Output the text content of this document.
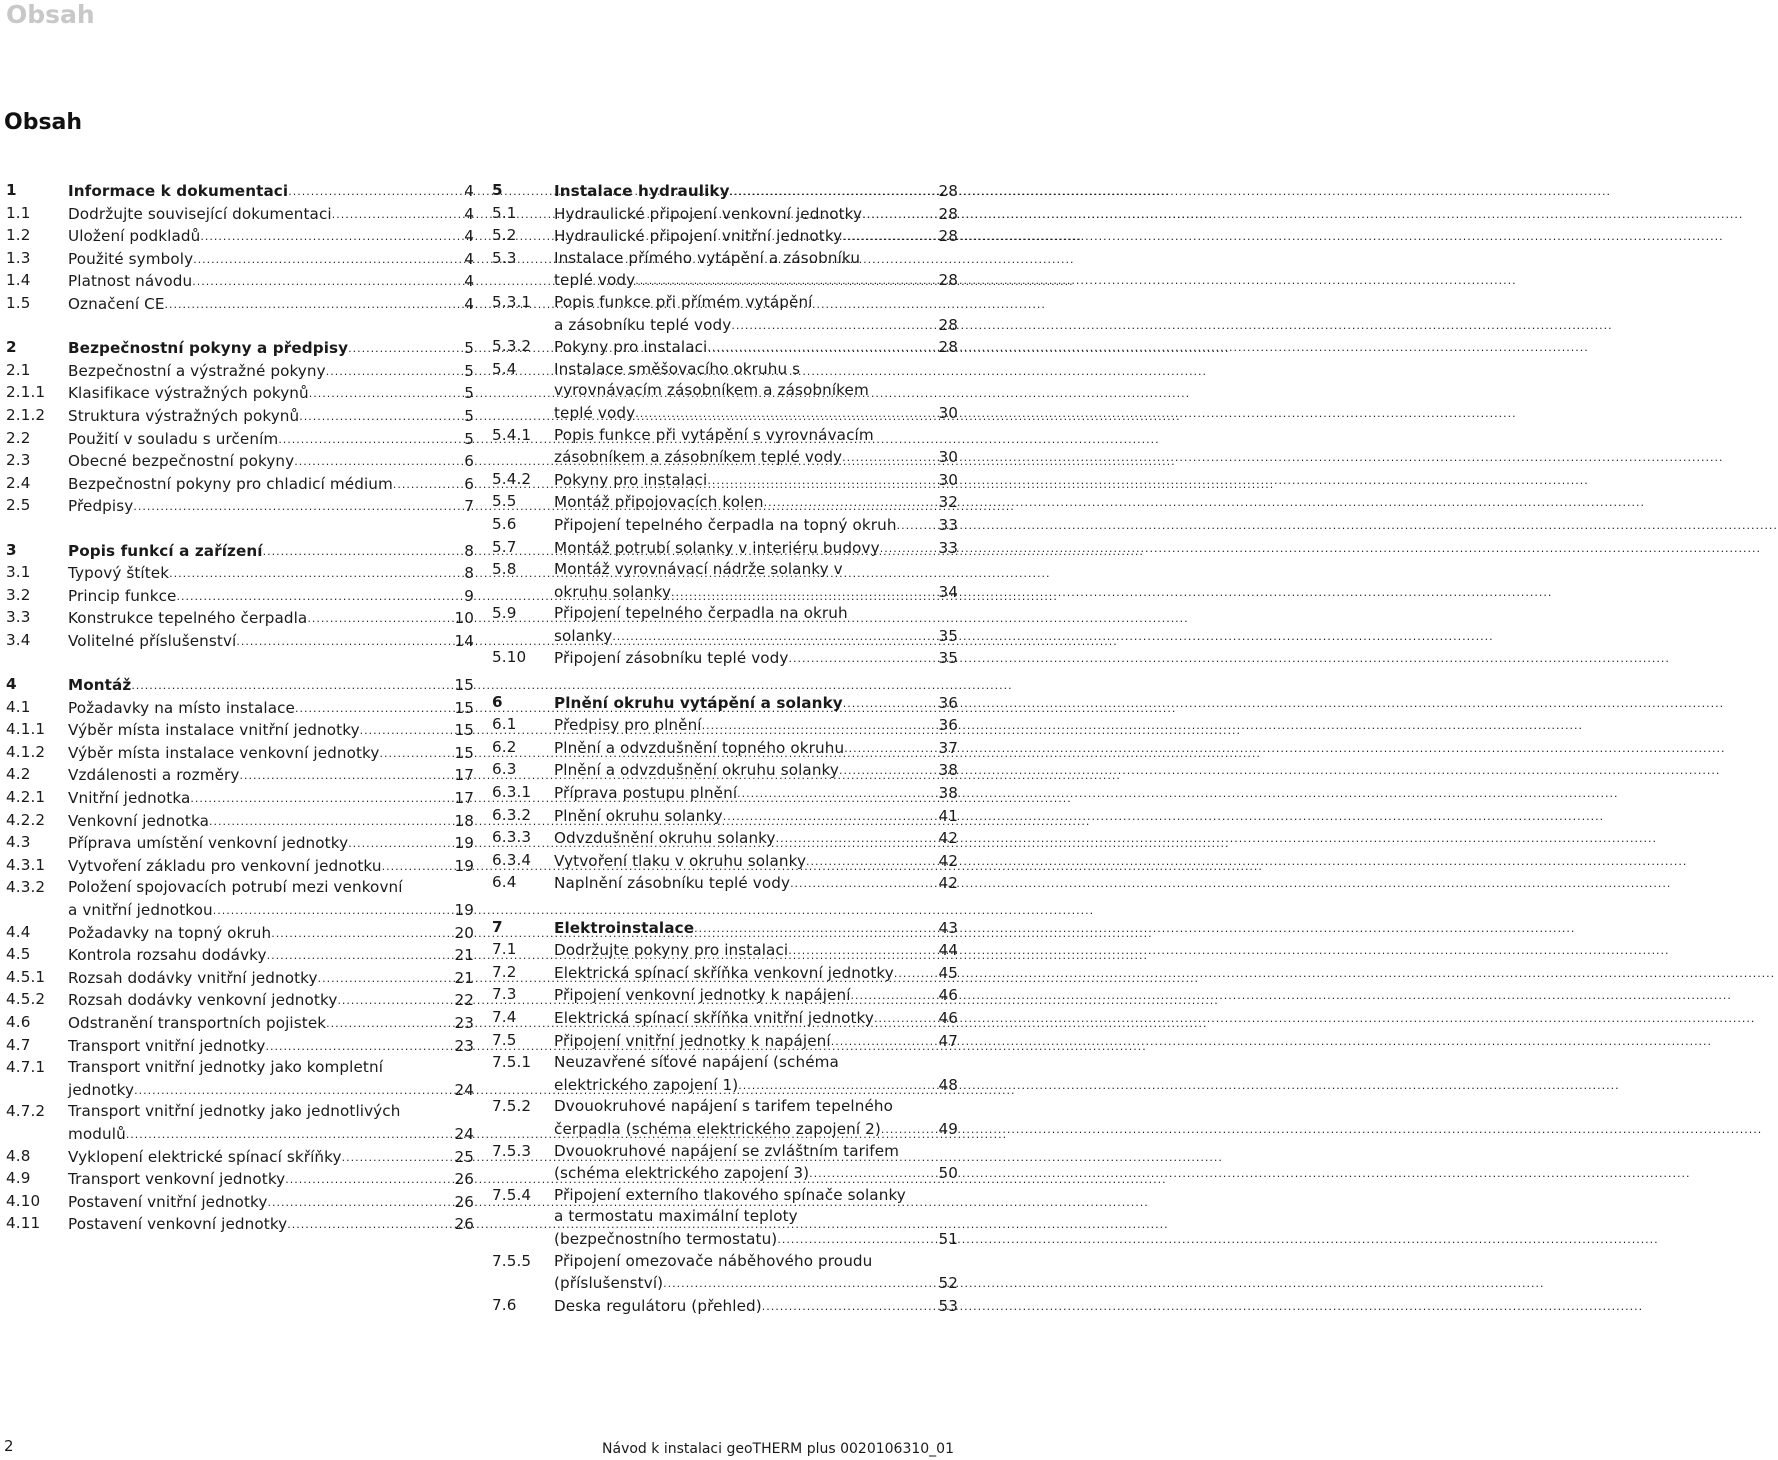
Obsah
Obsah
1	Informace k dokumentaci .....	4
1.1	Dodržujte související dokumentaci .....	4
1.2	Uložení podkladů .....	4
1.3	Použité symboly .....	4
1.4	Platnost návodu .....	4
1.5	Označení CE .....	4
2	Bezpečnostní pokyny a předpisy .....	5
2.1	Bezpečnostní a výstražné pokyny .....	5
2.1.1	Klasifikace výstražných pokynů .....	5
2.1.2	Struktura výstražných pokynů .....	5
2.2	Použití v souladu s určením .....	5
2.3	Obecné bezpečnostní pokyny .....	6
2.4	Bezpečnostní pokyny pro chladicí médium .....	6
2.5	Předpisy .....	7
3	Popis funkcí a zařízení .....	8
3.1	Typový štítek .....	8
3.2	Princip funkce .....	9
3.3	Konstrukce tepelného čerpadla .....	10
3.4	Volitelné příslušenství .....	14
4	Montáž .....	15
4.1	Požadavky na místo instalace .....	15
4.1.1	Výběr místa instalace vnitřní jednotky .....	15
4.1.2	Výběr místa instalace venkovní jednotky .....	15
4.2	Vzdálenosti a rozměry .....	17
4.2.1	Vnitřní jednotka .....	17
4.2.2	Venkovní jednotka .....	18
4.3	Příprava umístění venkovní jednotky .....	19
4.3.1	Vytvoření základu pro venkovní jednotku .....	19
4.3.2	Položení spojovacích potrubí mezi venkovní
a vnitřní jednotkou .....	19
4.4	Požadavky na topný okruh .....	20
4.5	Kontrola rozsahu dodávky .....	21
4.5.1	Rozsah dodávky vnitřní jednotky .....	21
4.5.2	Rozsah dodávky venkovní jednotky .....	22
4.6	Odstranění transportních pojistek .....	23
4.7	Transport vnitřní jednotky .....	23
4.7.1	Transport vnitřní jednotky jako kompletní
jednotky .....	24
4.7.2	Transport vnitřní jednotky jako jednotlivých
modulů .....	24
4.8	Vyklopení elektrické spínací skříňky .....	25
4.9	Transport venkovní jednotky .....	26
4.10	Postavení vnitřní jednotky .....	26
4.11	Postavení venkovní jednotky .....	26
5	Instalace hydrauliky .....	28
5.1	Hydraulické připojení venkovní jednotky .....	28
5.2	Hydraulické připojení vnitřní jednotky .....	28
5.3	Instalace přímého vytápění a zásobníku
teplé vody .....	28
5.3.1	Popis funkce při přímém vytápění
a zásobníku teplé vody .....	28
5.3.2	Pokyny pro instalaci .....	28
5.4	Instalace směšovacího okruhu s
vyrovnávacím zásobníkem a zásobníkem
teplé vody .....	30
5.4.1	Popis funkce při vytápění s vyrovnávacím
zásobníkem a zásobníkem teplé vody .....	30
5.4.2	Pokyny pro instalaci .....	30
5.5	Montáž připojovacích kolen .....	32
5.6	Připojení tepelného čerpadla na topný okruh .....	33
5.7	Montáž potrubí solanky v interiéru budovy .....	33
5.8	Montáž vyrovnávací nádrže solanky v
okruhu solanky .....	34
5.9	Připojení tepelného čerpadla na okruh
solanky .....	35
5.10	Připojení zásobníku teplé vody .....	35
6	Plnění okruhu vytápění a solanky .....	36
6.1	Předpisy pro plnění .....	36
6.2	Plnění a odvzdušnění topného okruhu .....	37
6.3	Plnění a odvzdušnění okruhu solanky .....	38
6.3.1	Příprava postupu plnění .....	38
6.3.2	Plnění okruhu solanky .....	41
6.3.3	Odvzdušnění okruhu solanky .....	42
6.3.4	Vytvoření tlaku v okruhu solanky .....	42
6.4	Naplnění zásobníku teplé vody .....	42
7	Elektroinstalace .....	43
7.1	Dodržujte pokyny pro instalaci .....	44
7.2	Elektrická spínací skříňka venkovní jednotky .....	45
7.3	Připojení venkovní jednotky k napájení .....	46
7.4	Elektrická spínací skříňka vnitřní jednotky .....	46
7.5	Připojení vnitřní jednotky k napájení .....	47
7.5.1	Neuzavřené síťové napájení (schéma
elektrického zapojení 1) .....	48
7.5.2	Dvouokruhové napájení s tarifem tepelného
čerpadla (schéma elektrického zapojení 2) .....	49
7.5.3	Dvouokruhové napájení se zvláštním tarifem
(schéma elektrického zapojení 3) .....	50
7.5.4	Připojení externího tlakového spínače solanky
a termostatu maximální teploty
(bezpečnostního termostatu) .....	51
7.5.5	Připojení omezovače náběhového proudu
(příslušenství) .....	52
7.6	Deska regulátoru (přehled) .....	53
2	Návod k instalaci geoTHERM plus 0020106310_01
